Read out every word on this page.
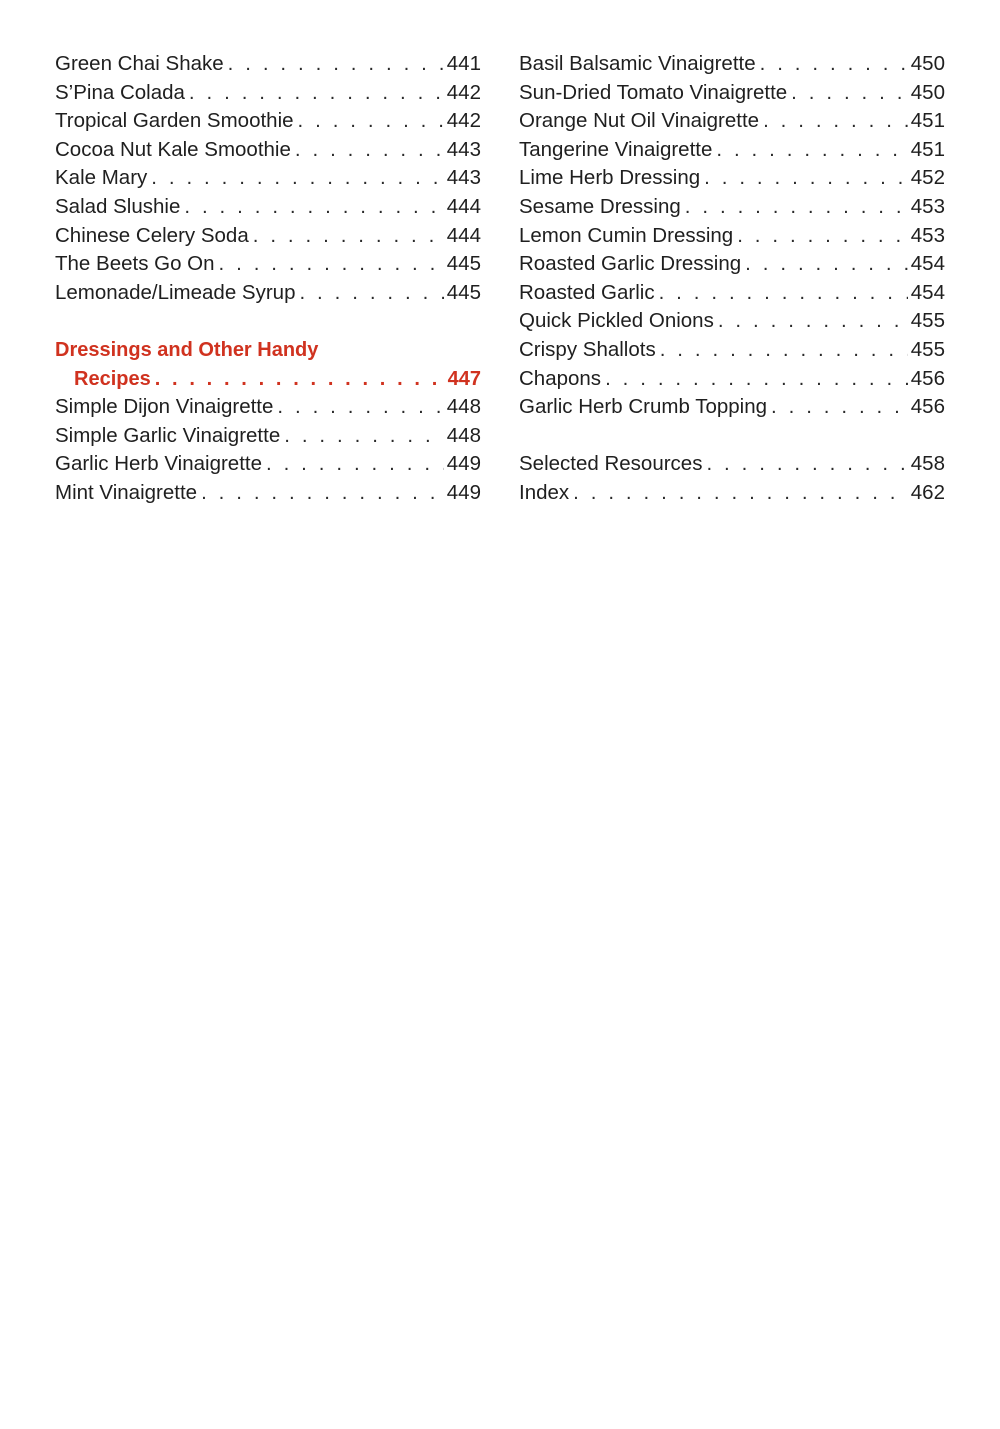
Green Chai Shake . . .	441
S’Pina Colada . . .	442
Tropical Garden Smoothie . . .	442
Cocoa Nut Kale Smoothie . . .	443
Kale Mary . . .	443
Salad Slushie . . .	444
Chinese Celery Soda . . .	444
The Beets Go On . . .	445
Lemonade/Limeade Syrup . . .	445
Dressings and Other Handy
Recipes . . .	447
Simple Dijon Vinaigrette . . .	448
Simple Garlic Vinaigrette . . .	448
Garlic Herb Vinaigrette . . .	449
Mint Vinaigrette . . .	449
Basil Balsamic Vinaigrette . . .	450
Sun-Dried Tomato Vinaigrette . . .	450
Orange Nut Oil Vinaigrette . . .	451
Tangerine Vinaigrette . . .	451
Lime Herb Dressing . . .	452
Sesame Dressing . . .	453
Lemon Cumin Dressing . . .	453
Roasted Garlic Dressing . . .	454
Roasted Garlic . . .	454
Quick Pickled Onions . . .	455
Crispy Shallots . . .	455
Chapons . . .	456
Garlic Herb Crumb Topping . . .	456
Selected Resources . . .	458
Index . . .	462
